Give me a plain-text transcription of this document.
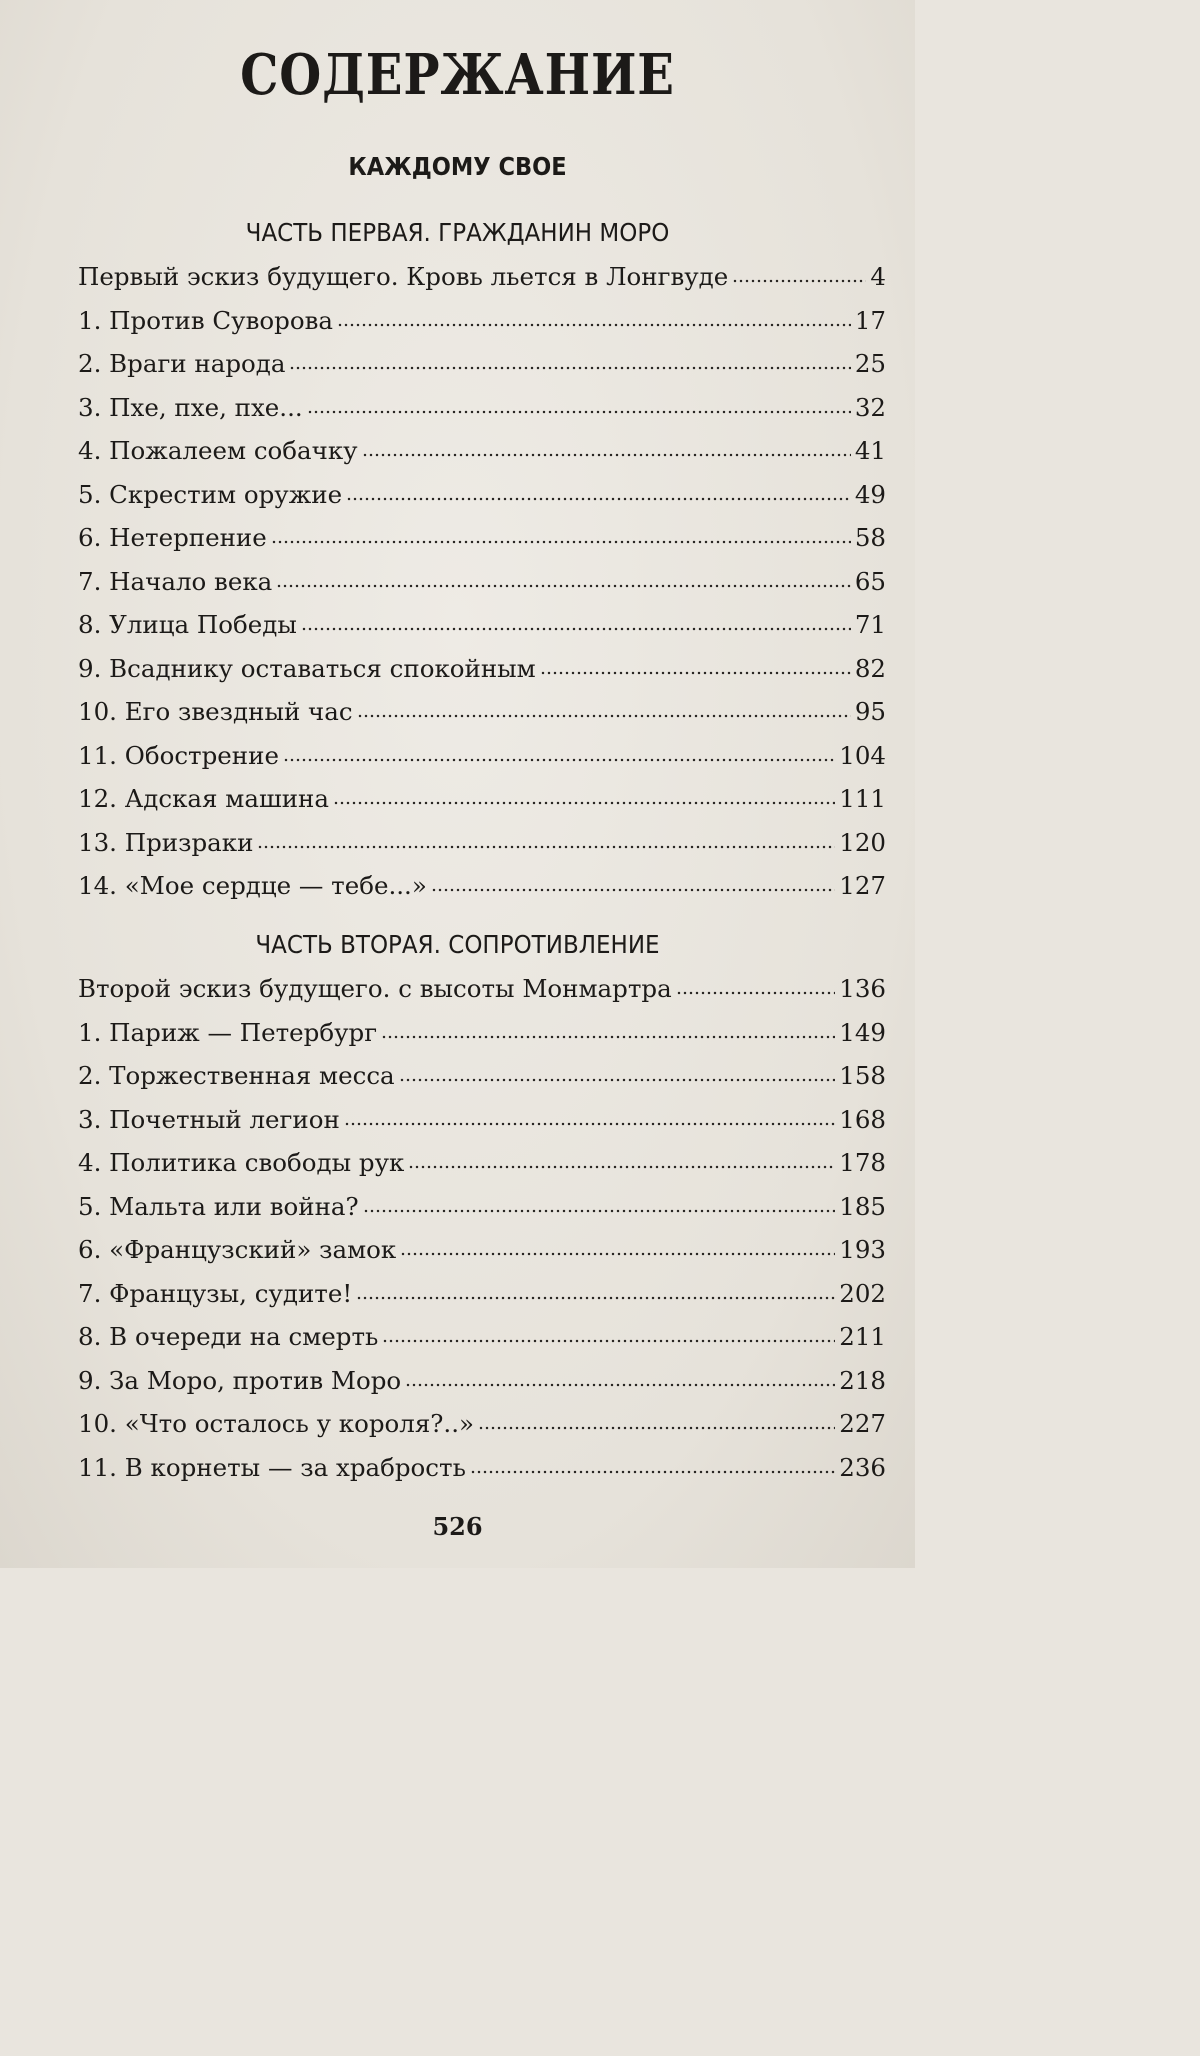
СОДЕРЖАНИЕ
КАЖДОМУ СВОЕ
ЧАСТЬ ПЕРВАЯ. ГРАЖДАНИН МОРО
Первый эскиз будущего. Кровь льется в Лонгвуде	4
1. Против Суворова	17
2. Враги народа	25
3. Пхе, пхе, пхе...	32
4. Пожалеем собачку	41
5. Скрестим оружие	49
6. Нетерпение	58
7. Начало века	65
8. Улица Победы	71
9. Всаднику оставаться спокойным	82
10. Его звездный час	95
11. Обострение	104
12. Адская машина	111
13. Призраки	120
14. «Мое сердце — тебе...»	127
ЧАСТЬ ВТОРАЯ. СОПРОТИВЛЕНИЕ
Второй эскиз будущего. с высоты Монмартра	136
1. Париж — Петербург	149
2. Торжественная месса	158
3. Почетный легион	168
4. Политика свободы рук	178
5. Мальта или война?	185
6. «Французский» замок	193
7. Французы, судите!	202
8. В очереди на смерть	211
9. За Моро, против Моро	218
10. «Что осталось у короля?..»	227
11. В корнеты — за храбрость	236
526
